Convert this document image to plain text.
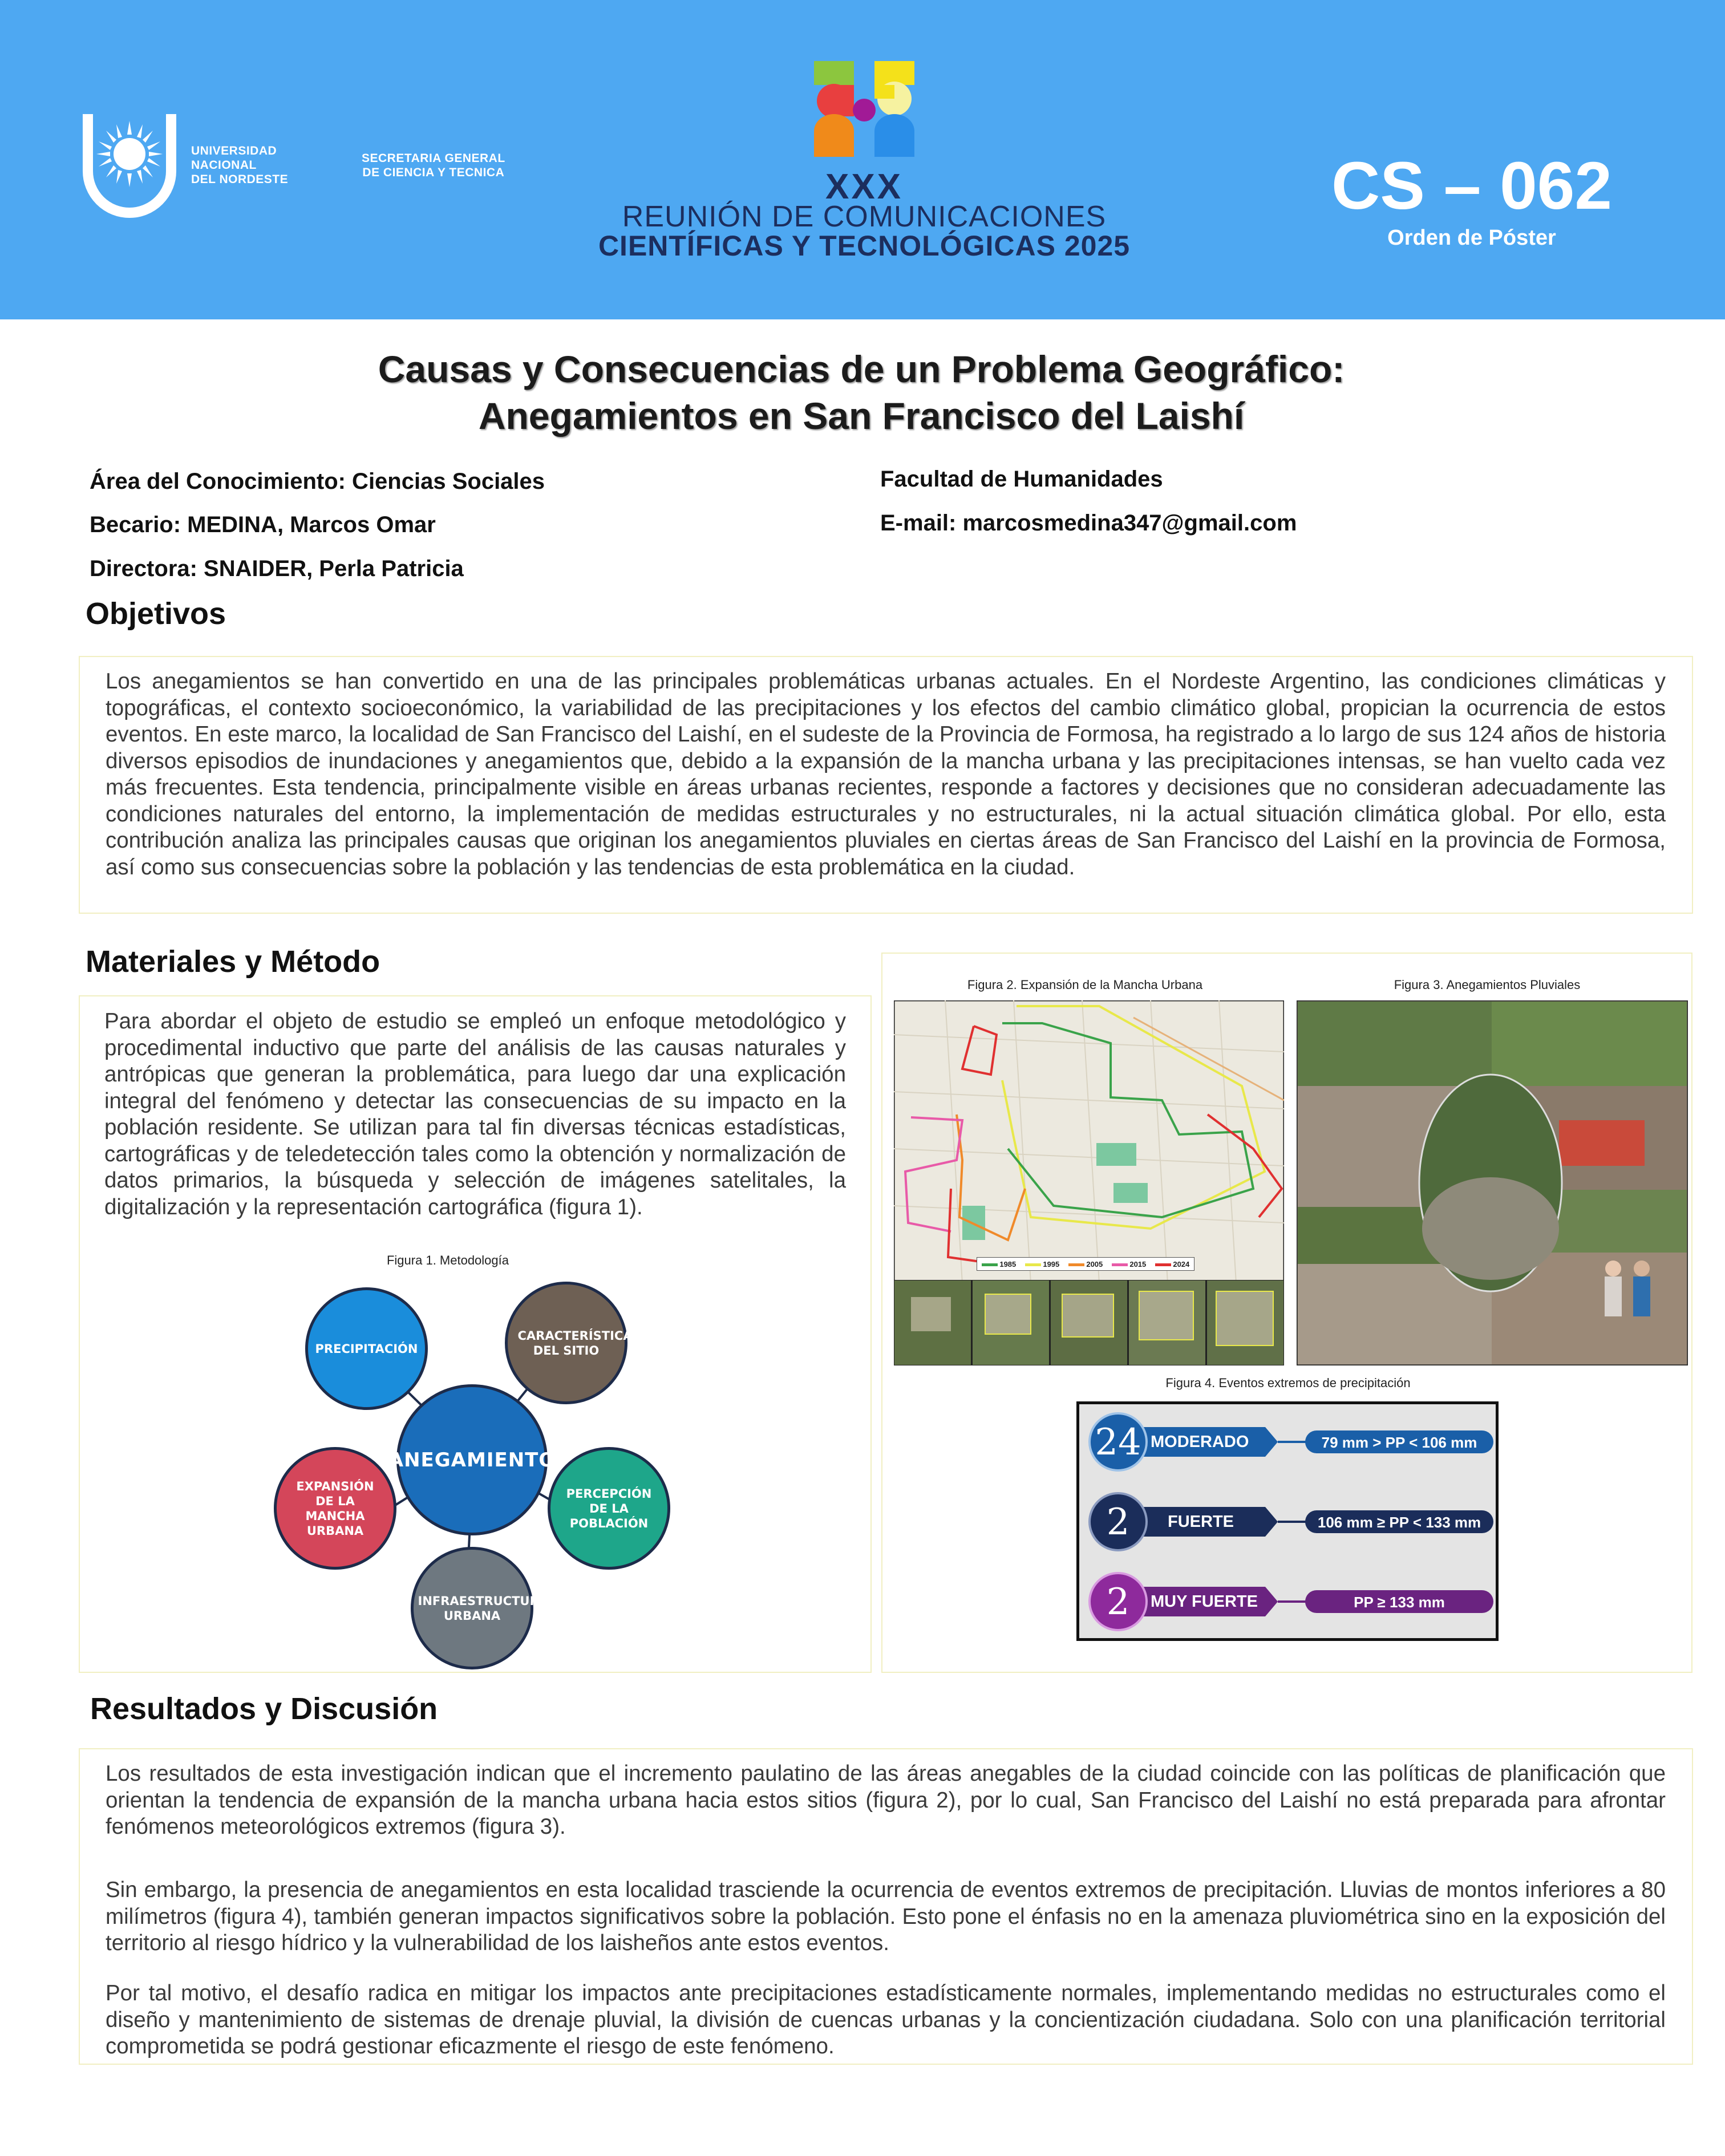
UNIVERSIDAD
NACIONAL
DEL NORDESTE
SECRETARIA GENERAL
DE CIENCIA Y TECNICA	XXX
REUNIÓN DE COMUNICACIONES
CIENTÍFICAS Y TECNOLÓGICAS 2025
CS – 062
Orden de Póster
Causas y Consecuencias de un Problema Geográfico:
Anegamientos en San Francisco del Laishí
Área del Conocimiento: Ciencias Sociales
Becario: MEDINA, Marcos Omar
Directora: SNAIDER, Perla Patricia
Facultad de Humanidades
E-mail: marcosmedina347@gmail.com
Objetivos
Los anegamientos se han convertido en una de las principales problemáticas urbanas actuales. En el Nordeste Argentino, las condiciones climáticas y topográficas, el contexto socioeconómico, la variabilidad de las precipitaciones y los efectos del cambio climático global, propician la ocurrencia de estos eventos. En este marco, la localidad de San Francisco del Laishí, en el sudeste de la Provincia de Formosa, ha registrado a lo largo de sus 124 años de historia diversos episodios de inundaciones y anegamientos que, debido a la expansión de la mancha urbana y las precipitaciones intensas, se han vuelto cada vez más frecuentes. Esta tendencia, principalmente visible en áreas urbanas recientes, responde a factores y decisiones que no consideran adecuadamente las condiciones naturales del entorno, la implementación de medidas estructurales y no estructurales, ni la actual situación climática global. Por ello, esta contribución analiza las principales causas que originan los anegamientos pluviales en ciertas áreas de San Francisco del Laishí en la provincia de Formosa, así como sus consecuencias sobre la población y las tendencias de esta problemática en la ciudad.
Materiales y Método
Para abordar el objeto de estudio se empleó un enfoque metodológico y procedimental inductivo que parte del análisis de las causas naturales y antrópicas que generan la problemática, para luego dar una explicación integral del fenómeno y detectar las consecuencias de su impacto en la población residente. Se utilizan para tal fin diversas técnicas estadísticas, cartográficas y de teledetección tales como la obtención y normalización de datos primarios, la búsqueda y selección de imágenes satelitales, la digitalización y la representación cartográfica (figura 1).
Figura 1. Metodología
PRECIPITACIÓN
CARACTERÍSTICAS DEL SITIO
ANEGAMIENTO
EXPANSIÓN DE LA MANCHA URBANA
PERCEPCIÓN DE LA POBLACIÓN
INFRAESTRUCTURA URBANA
Figura 2. Expansión de la Mancha Urbana	Figura 3. Anegamientos Pluviales
1985	1995	2005	2015	2024
Figura 4. Eventos extremos de precipitación
24 MODERADO	79 mm > PP < 106 mm
2	FUERTE	106 mm ≥ PP < 133 mm
2	MUY FUERTE	PP ≥ 133 mm
Resultados y Discusión
Los resultados de esta investigación indican que el incremento paulatino de las áreas anegables de la ciudad coincide con las políticas de planificación que orientan la tendencia de expansión de la mancha urbana hacia estos sitios (figura 2), por lo cual, San Francisco del Laishí no está preparada para afrontar fenómenos meteorológicos extremos (figura 3).
Sin embargo, la presencia de anegamientos en esta localidad trasciende la ocurrencia de eventos extremos de precipitación. Lluvias de montos inferiores a 80 milímetros (figura 4), también generan impactos significativos sobre la población. Esto pone el énfasis no en la amenaza pluviométrica sino en la exposición del territorio al riesgo hídrico y la vulnerabilidad de los laisheños ante estos eventos.
Por tal motivo, el desafío radica en mitigar los impactos ante precipitaciones estadísticamente normales, implementando medidas no estructurales como el diseño y mantenimiento de sistemas de drenaje pluvial, la división de cuencas urbanas y la concientización ciudadana. Solo con una planificación territorial comprometida se podrá gestionar eficazmente el riesgo de este fenómeno.
